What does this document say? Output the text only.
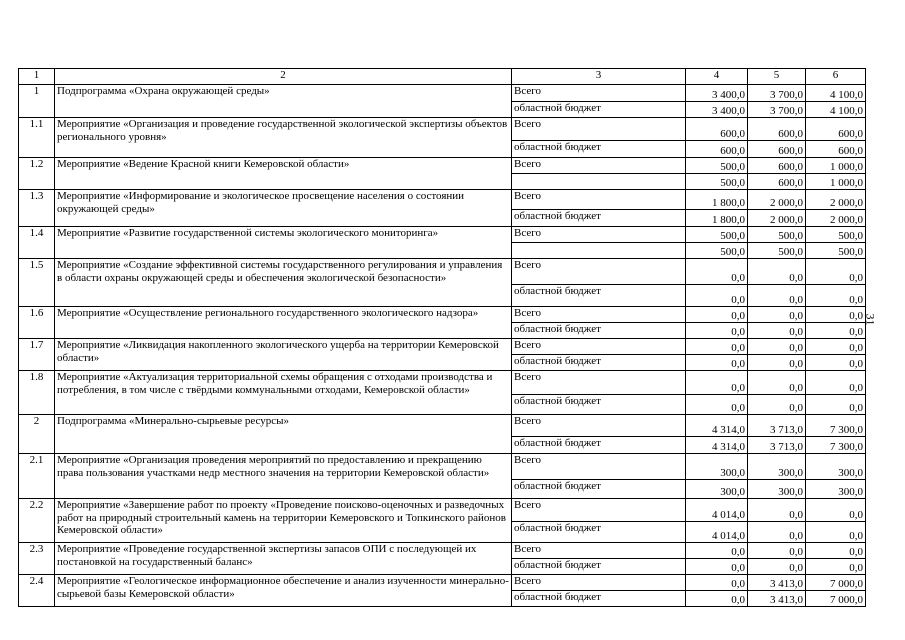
1	2	3	4	5	6
1	Подпрограмма «Охрана окружающей среды»	Всего	3 400,0	3 700,0	4 100,0
		областной бюджет	3 400,0	3 700,0	4 100,0
1.1	Мероприятие «Организация и проведение государственной экологической экспертизы объектов регионального уровня»	Всего	600,0	600,0	600,0
		областной бюджет	600,0	600,0	600,0
1.2	Мероприятие «Ведение Красной книги Кемеровской области»	Всего	500,0	600,0	1 000,0
			500,0	600,0	1 000,0
1.3	Мероприятие «Информирование и экологическое просвещение населения о состоянии окружающей среды»	Всего	1 800,0	2 000,0	2 000,0
		областной бюджет	1 800,0	2 000,0	2 000,0
1.4	Мероприятие «Развитие государственной системы экологического мониторинга»	Всего	500,0	500,0	500,0
			500,0	500,0	500,0
1.5	Мероприятие «Создание эффективной системы государственного регулирования и управления в области охраны окружающей среды и обеспечения экологической безопасности»	Всего	0,0	0,0	0,0
		областной бюджет	0,0	0,0	0,0
1.6	Мероприятие «Осуществление регионального государственного экологического надзора»	Всего	0,0	0,0	0,0
		областной бюджет	0,0	0,0	0,0
1.7	Мероприятие «Ликвидация накопленного экологического ущерба на территории Кемеровской области»	Всего	0,0	0,0	0,0
		областной бюджет	0,0	0,0	0,0
1.8	Мероприятие «Актуализация территориальной схемы обращения с отходами производства и потребления, в том числе с твёрдыми коммунальными отходами, Кемеровской области»	Всего	0,0	0,0	0,0
		областной бюджет	0,0	0,0	0,0
2	Подпрограмма «Минерально-сырьевые ресурсы»	Всего	4 314,0	3 713,0	7 300,0
		областной бюджет	4 314,0	3 713,0	7 300,0
2.1	Мероприятие «Организация проведения мероприятий по предоставлению и прекращению права пользования участками недр местного значения на территории Кемеровской области»	Всего	300,0	300,0	300,0
		областной бюджет	300,0	300,0	300,0
2.2	Мероприятие «Завершение работ по проекту «Проведение поисково-оценочных и разведочных работ на природный строительный камень на территории Кемеровского и Топкинского районов Кемеровской области»	Всего	4 014,0	0,0	0,0
		областной бюджет	4 014,0	0,0	0,0
2.3	Мероприятие «Проведение государственной экспертизы запасов ОПИ с последующей их постановкой на государственный баланс»	Всего	0,0	0,0	0,0
		областной бюджет	0,0	0,0	0,0
2.4	Мероприятие «Геологическое информационное обеспечение и анализ изученности минерально-сырьевой базы Кемеровской области»	Всего	0,0	3 413,0	7 000,0
		областной бюджет	0,0	3 413,0	7 000,0
31
